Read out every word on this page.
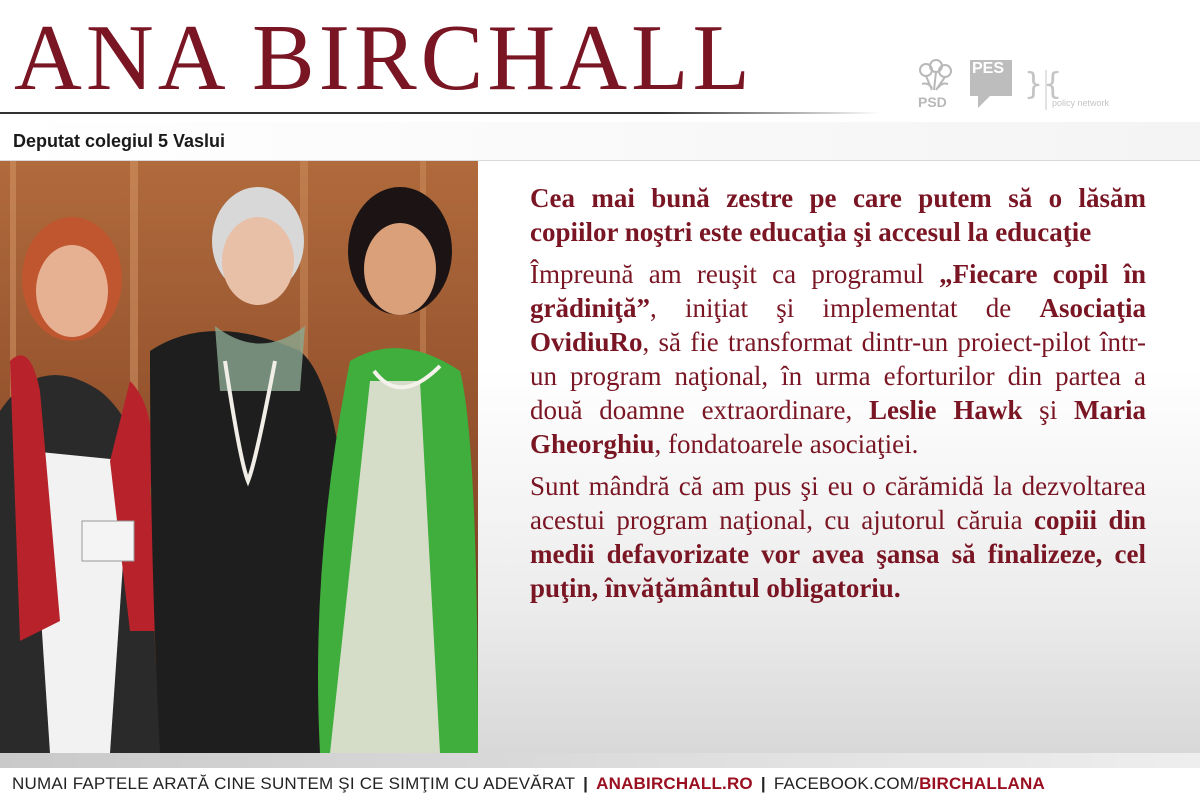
ANA BIRCHALL	PSD
PES }{
policy network
Deputat colegiul 5 Vaslui

Cea mai bună zestre pe care putem să o lăsăm copiilor noştri este educaţia şi accesul la educaţie

Împreună am reuşit ca programul „Fiecare copil în grădiniţă”, iniţiat şi implementat de Asociaţia OvidiuRo, să fie transformat dintr-un proiect-pilot într-un program naţional, în urma eforturilor din partea a două doamne extraordinare, Leslie Hawk şi Maria Gheorghiu, fondatoarele asociaţiei.

Sunt mândră că am pus şi eu o cărămidă la dezvoltarea acestui program naţional, cu ajutorul căruia copiii din medii defavorizate vor avea şansa să finalizeze, cel puţin, învăţământul obligatoriu.

NUMAI FAPTELE ARATĂ CINE SUNTEM ŞI CE SIMŢIM CU ADEVĂRAT | ANABIRCHALL.RO | FACEBOOK.COM/BIRCHALLANA
